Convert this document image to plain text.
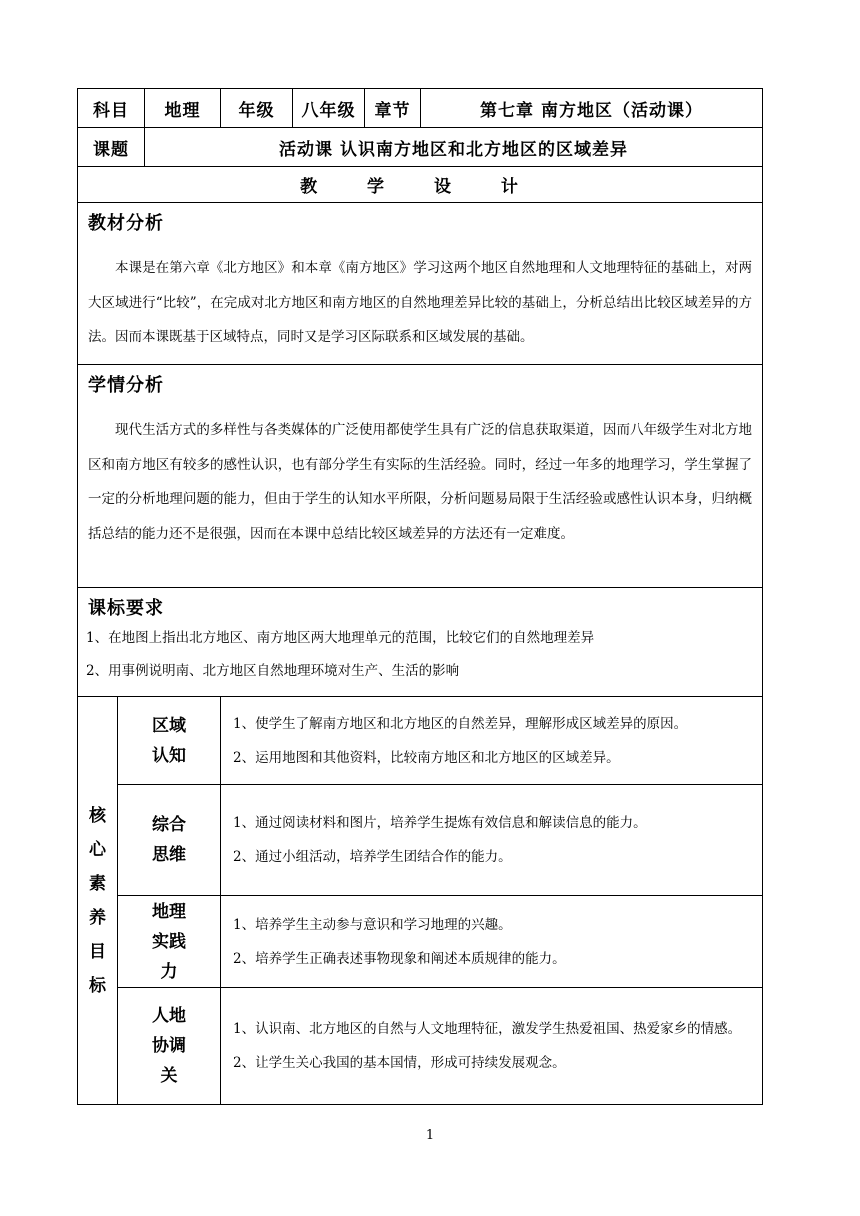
科目		地理	年级	八年级	章节	第七章 南方地区（活动课）
课题		活动课 认识南方地区和北方地区的区域差异				
教 学 设 计						

教材分析

本课是在第六章《北方地区》和本章《南方地区》学习这两个地区自然地理和人文地理特征的基础上，对两大区域进行“比较”，在完成对北方地区和南方地区的自然地理差异比较的基础上，分析总结出比较区域差异的方法。因而本课既基于区域特点，同时又是学习区际联系和区域发展的基础。						

学情分析

现代生活方式的多样性与各类媒体的广泛使用都使学生具有广泛的信息获取渠道，因而八年级学生对北方地区和南方地区有较多的感性认识，也有部分学生有实际的生活经验。同时，经过一年多的地理学习，学生掌握了一定的分析地理问题的能力，但由于学生的认知水平所限，分析问题易局限于生活经验或感性认识本身，归纳概括总结的能力还不是很强，因而在本课中总结比较区域差异的方法还有一定难度。						

课标要求

1、在地图上指出北方地区、南方地区两大地理单元的范围，比较它们的自然地理差异

2、用事例说明南、北方地区自然地理环境对生产、生活的影响						

核心素养目标	区域认知		1、使学生了解南方地区和北方地区的自然差异，理解形成区域差异的原因。
2、运用地图和其他资料，比较南方地区和北方地区的区域差异。			

	综合思维		1、通过阅读材料和图片，培养学生提炼有效信息和解读信息的能力。
2、通过小组活动，培养学生团结合作的能力。			

	地理实践力		1、培养学生主动参与意识和学习地理的兴趣。
2、培养学生正确表述事物现象和阐述本质规律的能力。			

	人地协调关		1、认识南、北方地区的自然与人文地理特征，激发学生热爱祖国、热爱家乡的情感。
2、让学生关心我国的基本国情，形成可持续发展观念。			
1
